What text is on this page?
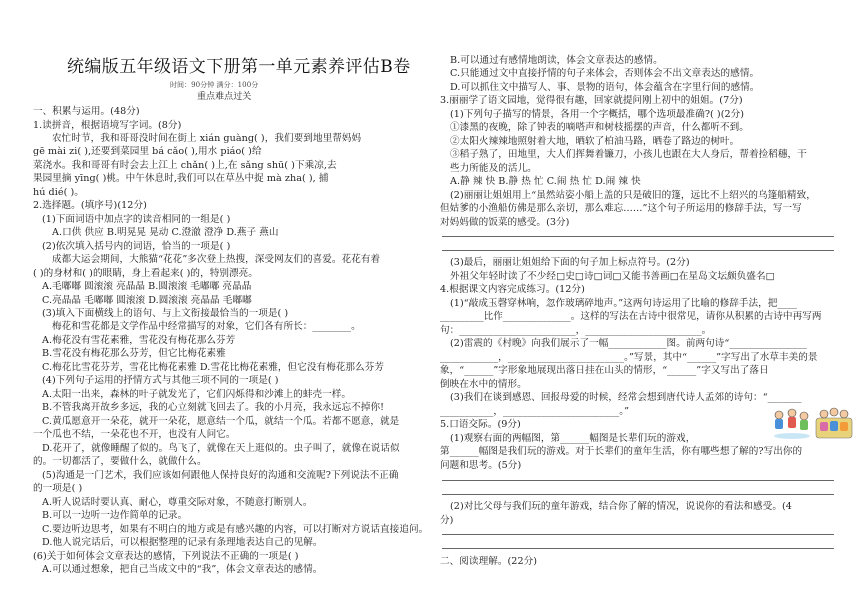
统编版五年级语文下册第一单元素养评估B卷
时间：90分钟 满分：100分
重点难点过关
一、积累与运用。(48分)
1.读拼音，根据语境写字词。(8分)
农忙时节，我和哥哥没时间在街上 xián guàng( )，我们要到地里帮妈妈
gē mài zi( ),还要到菜园里 bá cǎo( ),用水 piáo( )给
菜浇水。我和哥哥有时会去上江上 chǎn( )上,在 sǎng shū( )下乘凉,去
果园里摘 yīng( )桃。中午休息时,我们可以在草丛中捉 mà zha( ), 捕
hú dié( )。
2.选择题。(填序号)(12分)
(1)下面词语中加点字的读音相同的一组是( )
A.口供 供应 B.明晃晃 晃动 C.澄澈 澄净 D.燕子 燕山
(2)依次填入括号内的词语，恰当的一项是( )
成都大运会期间，大熊猫“花花”多次登上热搜，深受网友们的喜爱。花花有着
( )的身材和( )的眼睛，身上看起来( )的，特别漂亮。
A.毛嘟嘟 圆滚滚 亮晶晶 B.圆滚滚 毛嘟嘟 亮晶晶
C.亮晶晶 毛嘟嘟 圆滚滚 D.圆滚滚 亮晶晶 毛嘟嘟
(3)填入下面横线上的语句、与上文衔接最恰当的一项是( )
梅花和雪花都是文学作品中经常描写的对象，它们各有所长：________。
A.梅花没有雪花素雅，雪花没有梅花那么芬芳
B.雪花没有梅花那么芬芳，但它比梅花素雅
C.梅花比雪花芬芳，雪花比梅花素雅 D.雪花比梅花素雅，但它没有梅花那么芬芳
(4)下列句子运用的抒情方式与其他三项不同的一项是( )
A.太阳一出来，森林的叶子就发光了，它们闪烁得和沙滩上的蚌壳一样。
B.不管我离开故乡多远，我的心立刻就飞回去了。我的小月亮，我永远忘不掉你!
C.黄瓜愿意开一朵花，就开一朵花，愿意结一个瓜，就结一个瓜。若都不愿意，就是
一个瓜也不结，一朵花也不开，也没有人问它。
D.花开了，就像睡醒了似的。鸟飞了，就像在天上逛似的。虫子叫了，就像在说话似
的。一切都活了，要做什么，就做什么。
(5)沟通是一门艺术，我们应该如何跟他人保持良好的沟通和交流呢?下列说法不正确
的一项是( )
A.听人说话时要认真、耐心，尊重交际对象，不随意打断别人。
B.可以一边听一边作简单的记录。
C.要边听边思考，如果有不明白的地方或是有感兴趣的内容，可以打断对方说话直接追问。
D.他人说完话后，可以根据整理的记录有条理地表达自己的见解。
(6)关于如何体会文章表达的感情，下列说法不正确的一项是( )
A.可以通过想象，把自己当成文中的“我”，体会文章表达的感情。
B.可以通过有感情地朗读，体会文章表达的感情。
C.只能通过文中直接抒情的句子来体会，否则体会不出文章表达的感情。
D.可以抓住文中描写人、事、景物的语句，体会蕴含在字里行间的感情。
3.丽丽学了语文园地，觉得很有趣，回家就提问刚上初中的姐姐。(7分)
(1)下列句子描写的情景，各用一个字概括，哪个选项最准确?( )(2分)
①漆黑的夜晚，除了钟表的嘀嗒声和树枝摇摆的声音，什么都听不到。
②太阳火辣辣地照射着大地，晒软了柏油马路，晒卷了路边的树叶。
③稻子熟了，田地里，大人们挥舞着镰刀，小孩儿也跟在大人身后，帮着捡稻穗，干
些力所能及的活儿。
A.静 辣 快 B.静 热 忙 C.闹 热 忙 D.闹 辣 快
(2)丽丽让姐姐用上“虽然站姿小船上盖的只是破旧的篷，远比不上绍兴的乌篷船精致，
但姑爹的小渔船仿佛是那么亲切，那么难忘……”这个句子所运用的修辞手法，写一写
对妈妈做的饭菜的感受。(3分)
(3)最后，丽丽让姐姐给下面的句子加上标点符号。(2分)
外祖父年轻时读了不少经□史□诗□词□又能书善画□在星岛文坛颇负盛名□
4.根据课文内容完成练习。(12分)
(1)“敲成玉磬穿林响，忽作玻璃碎地声。”这两句诗运用了比喻的修辞手法，把____
_________比作______________。这样的写法在古诗中很常见，请你从积累的古诗中再写两
句：________________________，________________________。
(2)雷震的《村晚》向我们展示了一幅____________图。前两句诗“________________
____________，________________________。”写景，其中“______”字写出了水草丰美的景
象，“______”字形象地展现出落日挂在山头的情形，“______”字又写出了落日
倒映在水中的情形。
(3)我们在谈到感恩、回报母爱的时候，经常会想到唐代诗人孟郊的诗句：“_______
___________，________________________。”
5.口语交际。(9分)
(1)观察右面的两幅图，第______幅图是长辈们玩的游戏，
第______幅图是我们玩的游戏。对于长辈们的童年生活，你有哪些想了解的?写出你的
问题和思考。(5分)
(2)对比父母与我们玩的童年游戏，结合你了解的情况，说说你的看法和感受。(4
分)
二、阅读理解。(22分)
